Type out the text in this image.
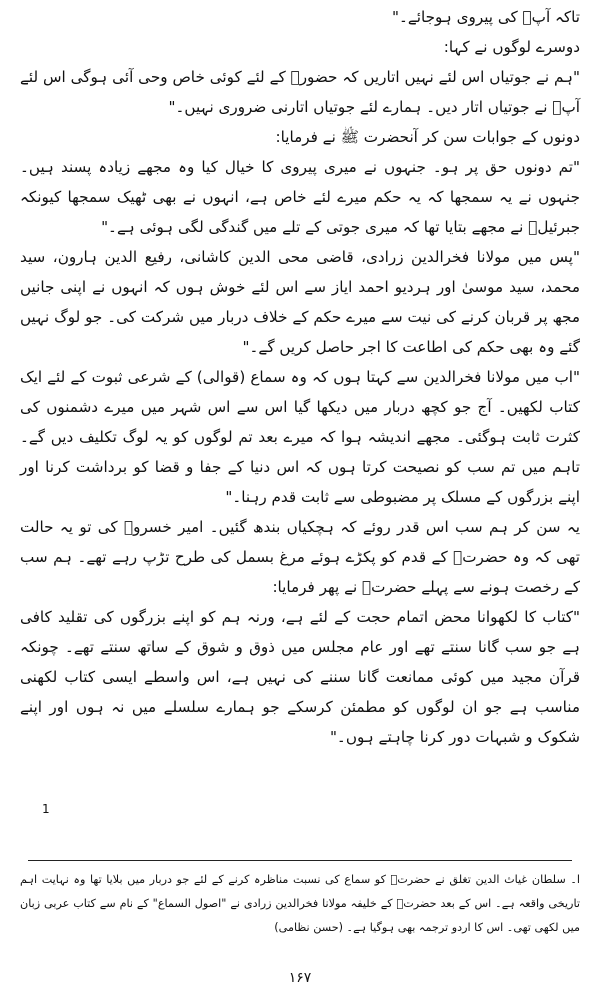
تاکہ آپؐ کی پیروی ہوجائے۔"

دوسرے لوگوں نے کہا:

"ہم نے جوتیاں اس لئے نہیں اتاریں کہ حضورؐ کے لئے کوئی خاص وحی آئی ہوگی اس لئے آپؐ نے جوتیاں اتار دیں۔ ہمارے لئے جوتیاں اتارنی ضروری نہیں۔"

دونوں کے جوابات سن کر آنحضرت ﷺ نے فرمایا:

"تم دونوں حق پر ہو۔ جنہوں نے میری پیروی کا خیال کیا وہ مجھے زیادہ پسند ہیں۔ جنہوں نے یہ سمجھا کہ یہ حکم میرے لئے خاص ہے، انہوں نے بھی ٹھیک سمجھا کیونکہ جبرئیلؑ نے مجھے بتایا تھا کہ میری جوتی کے تلے میں گندگی لگی ہوئی ہے۔"

"پس میں مولانا فخرالدین زرادی، قاضی محی الدین کاشانی، رفیع الدین ہارون، سید محمد، سید موسیٰ اور ہردیو احمد ایاز سے اس لئے خوش ہوں کہ انہوں نے اپنی جانیں مجھ پر قربان کرنے کی نیت سے میرے حکم کے خلاف دربار میں شرکت کی۔ جو لوگ نہیں گئے وہ بھی حکم کی اطاعت کا اجر حاصل کریں گے۔"

"اب میں مولانا فخرالدین سے کہتا ہوں کہ وہ سماع (قوالی) کے شرعی ثبوت کے لئے ایک کتاب لکھیں۔ آج جو کچھ دربار میں دیکھا گیا اس سے اس شہر میں میرے دشمنوں کی کثرت ثابت ہوگئی۔ مجھے اندیشہ ہوا کہ میرے بعد تم لوگوں کو یہ لوگ تکلیف دیں گے۔ تاہم میں تم سب کو نصیحت کرتا ہوں کہ اس دنیا کے جفا و قضا کو برداشت کرنا اور اپنے بزرگوں کے مسلک پر مضبوطی سے ثابت قدم رہنا۔"

یہ سن کر ہم سب اس قدر روئے کہ ہچکیاں بندھ گئیں۔ امیر خسروؒ کی تو یہ حالت تھی کہ وہ حضرتؒ کے قدم کو پکڑے ہوئے مرغ بسمل کی طرح تڑپ رہے تھے۔ ہم سب کے رخصت ہونے سے پہلے حضرتؒ نے پھر فرمایا:

"کتاب کا لکھوانا محض اتمام حجت کے لئے ہے، ورنہ ہم کو اپنے بزرگوں کی تقلید کافی ہے جو سب گانا سنتے تھے اور عام مجلس میں ذوق و شوق کے ساتھ سنتے تھے۔ چونکہ قرآن مجید میں کوئی ممانعت گانا سننے کی نہیں ہے، اس واسطے ایسی کتاب لکھنی مناسب ہے جو ان لوگوں کو مطمئن کرسکے جو ہمارے سلسلے میں نہ ہوں اور اپنے شکوک و شبہات دور کرنا چاہتے ہوں۔"

1

ا۔ سلطان غیاث الدین تغلق نے حضرتؒ کو سماع کی نسبت مناظرہ کرنے کے لئے جو دربار میں بلایا تھا وہ نہایت اہم تاریخی واقعہ ہے۔ اس کے بعد حضرتؒ کے خلیفہ مولانا فخرالدین زرادی نے "اصول السماع" کے نام سے کتاب عربی زبان میں لکھی تھی۔ اس کا اردو ترجمہ بھی ہوگیا ہے۔ (حسن نظامی)

۱۶۷
